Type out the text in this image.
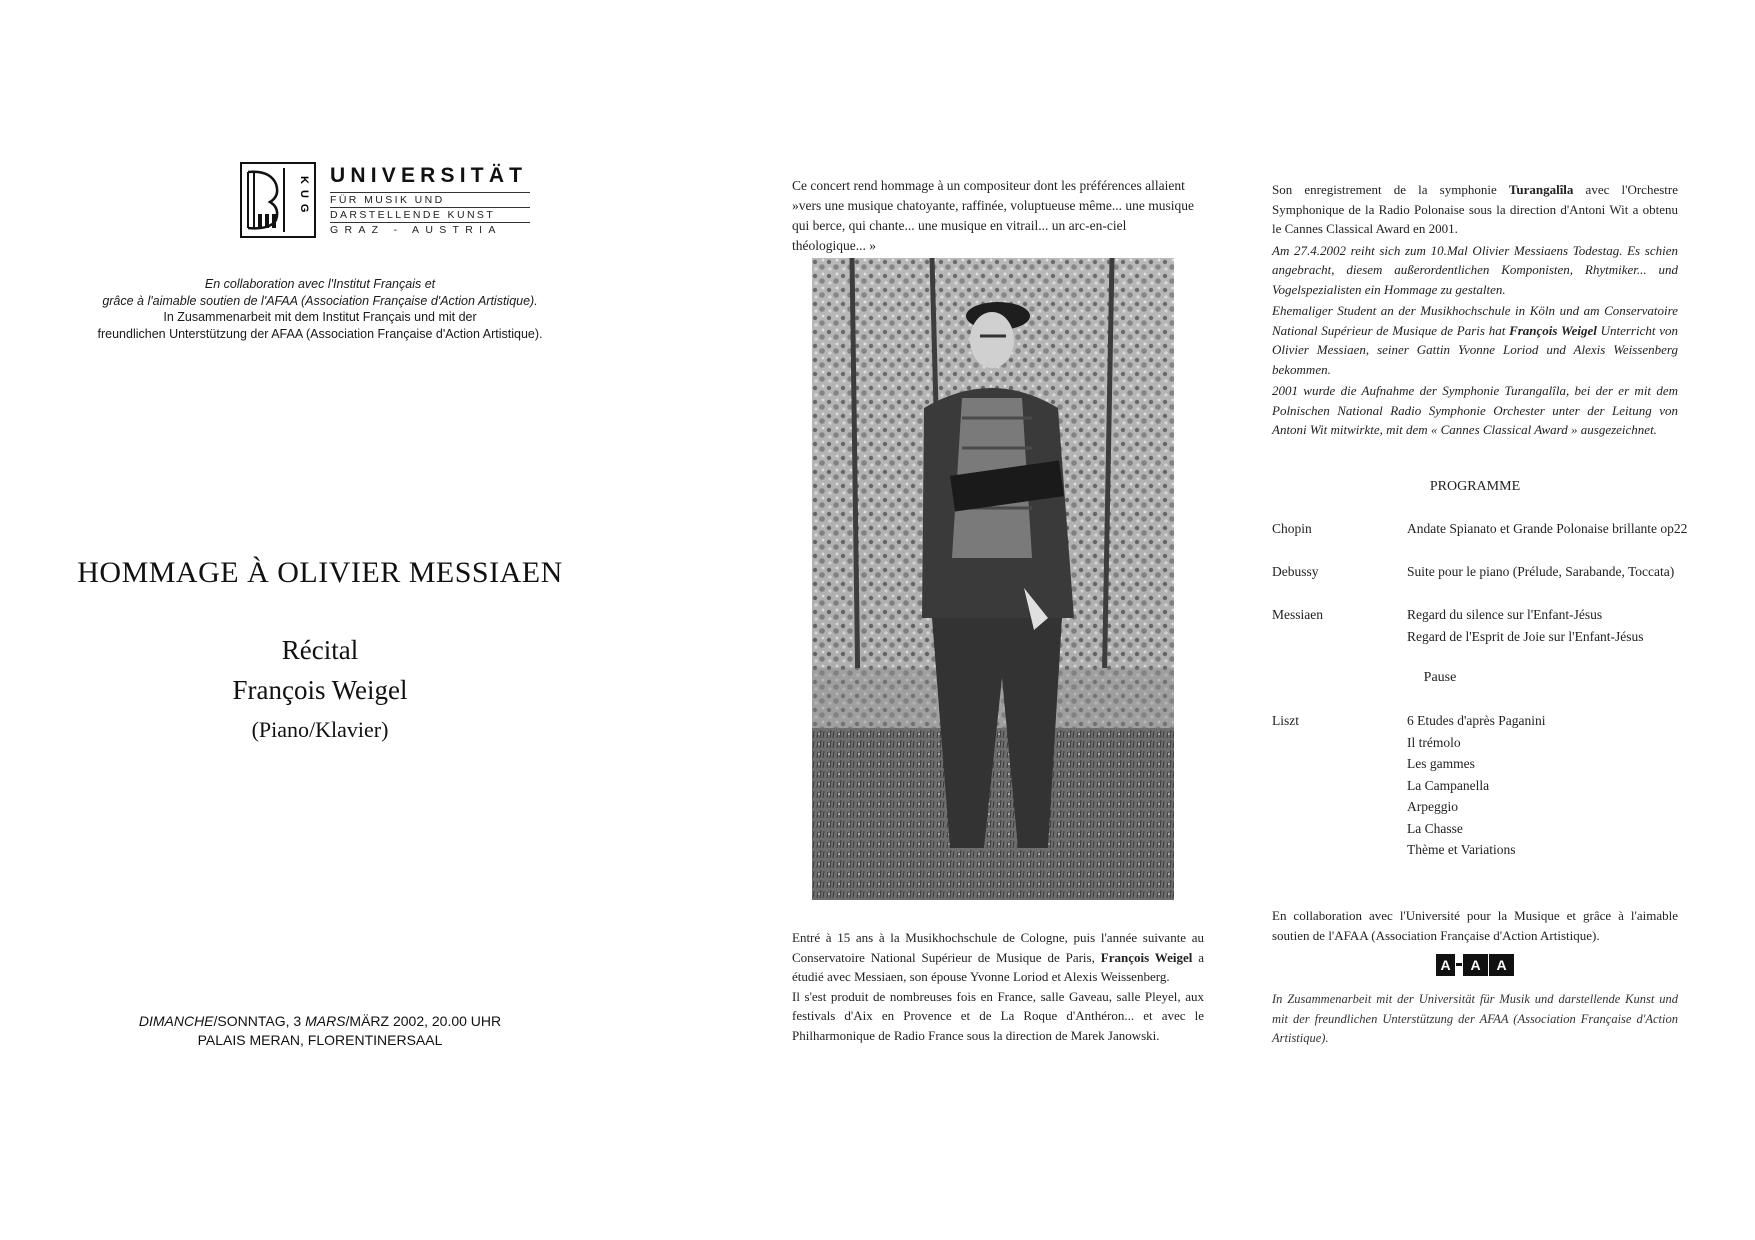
KUG
UNIVERSITÄT
FÜR MUSIK UND
DARSTELLENDE KUNST
GRAZ - AUSTRIA
En collaboration avec l'Institut Français et
grâce à l'aimable soutien de l'AFAA (Association Française d'Action Artistique).
In Zusammenarbeit mit dem Institut Français und mit der
freundlichen Unterstützung der AFAA (Association Française d'Action Artistique).
HOMMAGE À OLIVIER MESSIAEN
Récital
François Weigel
(Piano/Klavier)
DIMANCHE/SONNTAG, 3 MARS/MÄRZ 2002, 20.00 UHR
PALAIS MERAN, FLORENTINERSAAL
Ce concert rend hommage à un compositeur dont les préférences allaient »vers une musique chatoyante, raffinée, voluptueuse même... une musique qui berce, qui chante... une musique en vitrail... un arc-en-ciel théologique... »
Entré à 15 ans à la Musikhochschule de Cologne, puis l'année suivante au Conservatoire National Supérieur de Musique de Paris, François Weigel a étudié avec Messiaen, son épouse Yvonne Loriod et Alexis Weissenberg.
Il s'est produit de nombreuses fois en France, salle Gaveau, salle Pleyel, aux festivals d'Aix en Provence et de La Roque d'Anthéron... et avec le Philharmonique de Radio France sous la direction de Marek Janowski.

Son enregistrement de la symphonie Turangalîla avec l'Orchestre Symphonique de la Radio Polonaise sous la direction d'Antoni Wit a obtenu le Cannes Classical Award en 2001.

Am 27.4.2002 reiht sich zum 10.Mal Olivier Messiaens Todestag. Es schien angebracht, diesem außerordentlichen Komponisten, Rhytmiker... und Vogelspezialisten ein Hommage zu gestalten.

Ehemaliger Student an der Musikhochschule in Köln und am Conservatoire National Supérieur de Musique de Paris hat François Weigel Unterricht von Olivier Messiaen, seiner Gattin Yvonne Loriod und Alexis Weissenberg bekommen.

2001 wurde die Aufnahme der Symphonie Turangalîla, bei der er mit dem Polnischen National Radio Symphonie Orchester unter der Leitung von Antoni Wit mitwirkte, mit dem « Cannes Classical Award » ausgezeichnet.

PROGRAMME
Chopin	Andate Spianato et Grande Polonaise brillante op22
Debussy	Suite pour le piano (Prélude, Sarabande, Toccata)
Messiaen	Regard du silence sur l'Enfant-Jésus
Regard de l'Esprit de Joie sur l'Enfant-Jésus
Pause
Liszt	6 Etudes d'après Paganini
Il trémolo
Les gammes
La Campanella
Arpeggio
La Chasse
Thème et Variations
En collaboration avec l'Université pour la Musique et grâce à l'aimable soutien de l'AFAA (Association Française d'Action Artistique).
A A A
In Zusammenarbeit mit der Universität für Musik und darstellende Kunst und mit der freundlichen Unterstützung der AFAA (Association Française d'Action Artistique).
